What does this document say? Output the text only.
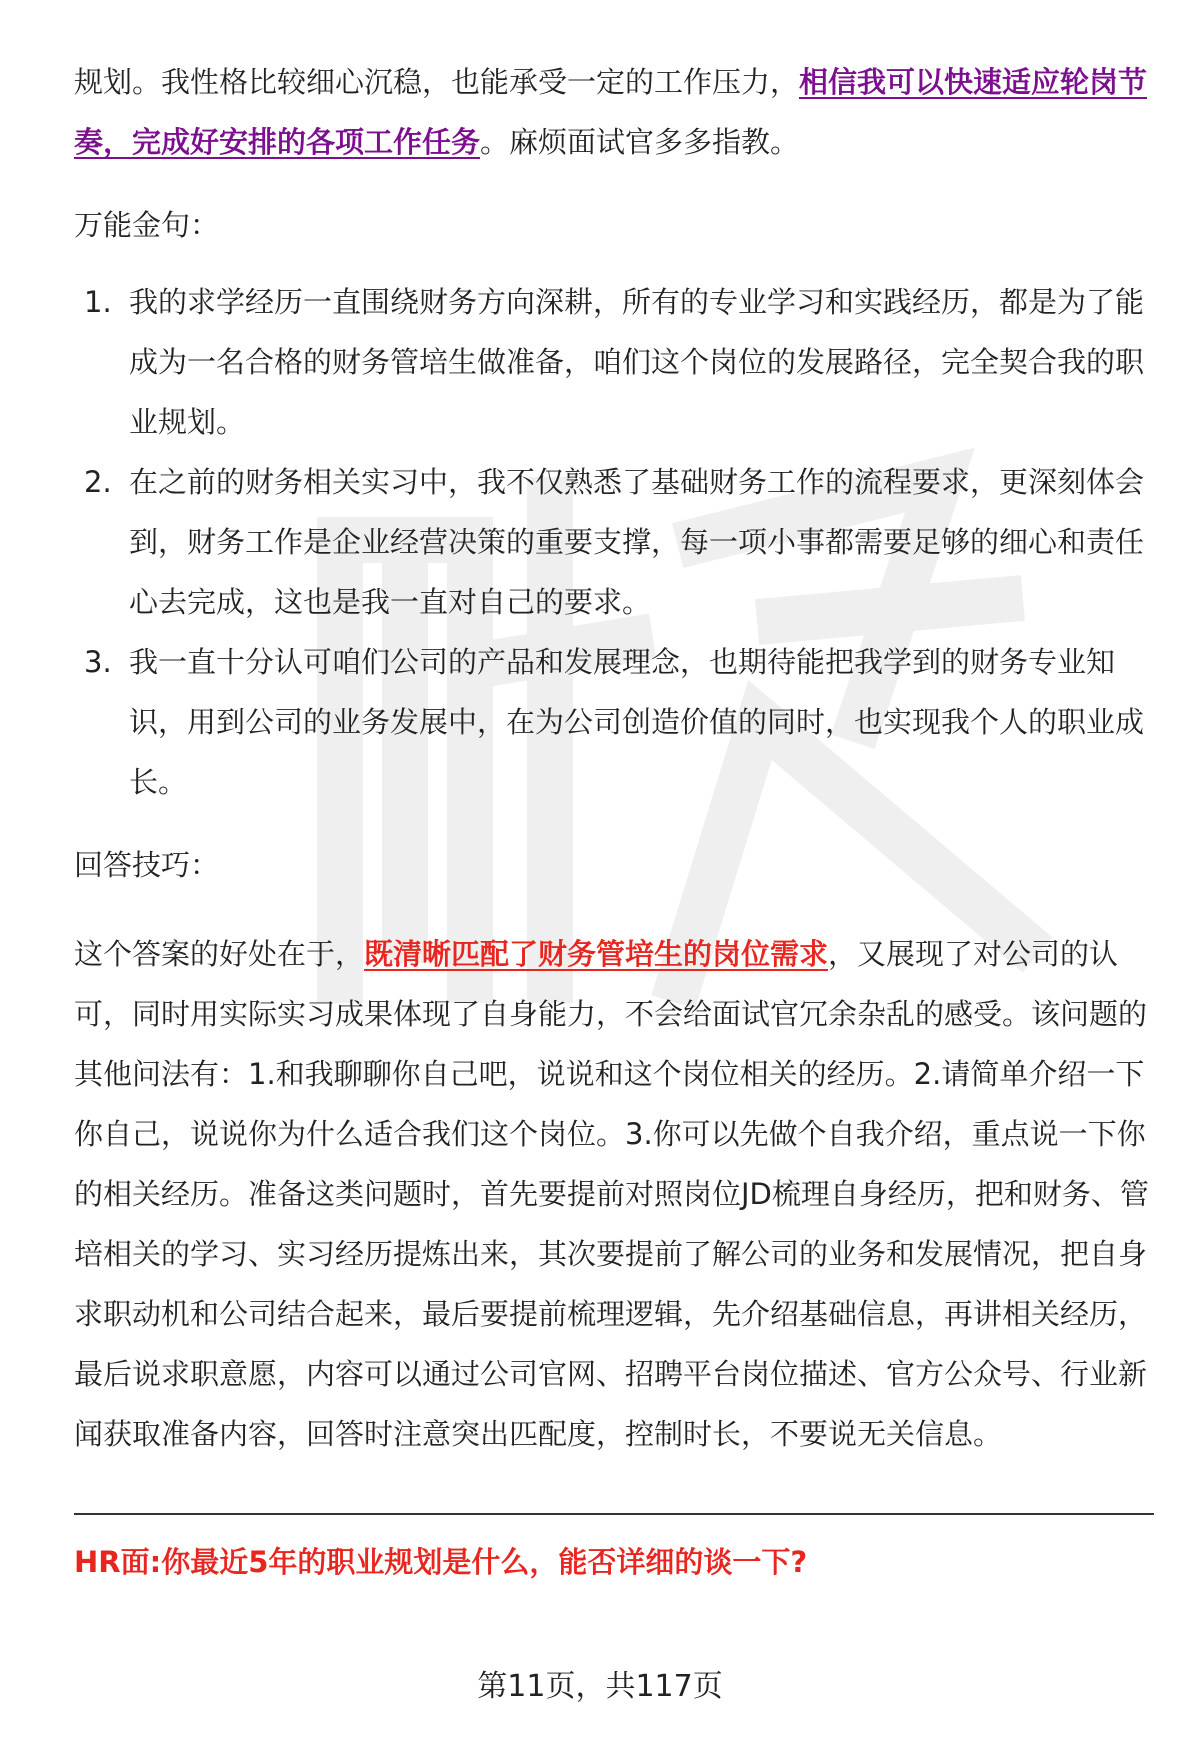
规划。我性格比较细心沉稳，也能承受一定的工作压力，相信我可以快速适应轮岗节奏，完成好安排的各项工作任务。麻烦面试官多多指教。

万能金句：

1. 我的求学经历一直围绕财务方向深耕，所有的专业学习和实践经历，都是为了能成为一名合格的财务管培生做准备，咱们这个岗位的发展路径，完全契合我的职业规划。
2. 在之前的财务相关实习中，我不仅熟悉了基础财务工作的流程要求，更深刻体会到，财务工作是企业经营决策的重要支撑，每一项小事都需要足够的细心和责任心去完成，这也是我一直对自己的要求。
3. 我一直十分认可咱们公司的产品和发展理念，也期待能把我学到的财务专业知识，用到公司的业务发展中，在为公司创造价值的同时，也实现我个人的职业成长。

回答技巧：

这个答案的好处在于，既清晰匹配了财务管培生的岗位需求，又展现了对公司的认可，同时用实际实习成果体现了自身能力，不会给面试官冗余杂乱的感受。该问题的其他问法有：1.和我聊聊你自己吧，说说和这个岗位相关的经历。2.请简单介绍一下你自己，说说你为什么适合我们这个岗位。3.你可以先做个自我介绍，重点说一下你的相关经历。准备这类问题时，首先要提前对照岗位JD梳理自身经历，把和财务、管培相关的学习、实习经历提炼出来，其次要提前了解公司的业务和发展情况，把自身求职动机和公司结合起来，最后要提前梳理逻辑，先介绍基础信息，再讲相关经历，最后说求职意愿，内容可以通过公司官网、招聘平台岗位描述、官方公众号、行业新闻获取准备内容，回答时注意突出匹配度，控制时长，不要说无关信息。

HR面:你最近5年的职业规划是什么，能否详细的谈一下?
第11页，共117页
